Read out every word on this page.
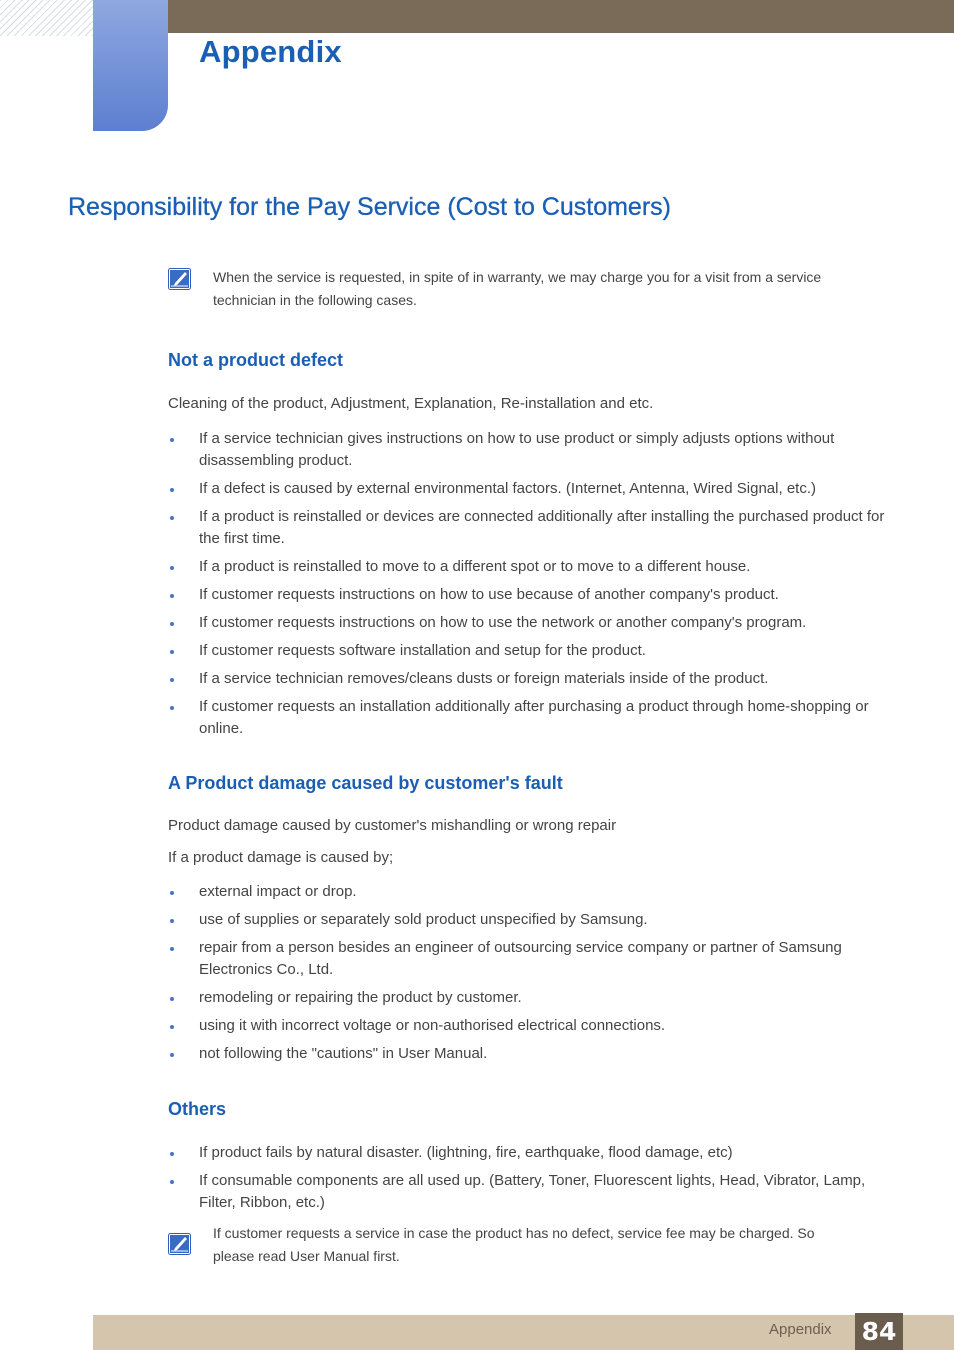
Appendix
Responsibility for the Pay Service (Cost to Customers)
When the service is requested, in spite of in warranty, we may charge you for a visit from a service
technician in the following cases.
Not a product defect
Cleaning of the product, Adjustment, Explanation, Re-installation and etc.
If a service technician gives instructions on how to use product or simply adjusts options without disassembling product.
If a defect is caused by external environmental factors. (Internet, Antenna, Wired Signal, etc.)
If a product is reinstalled or devices are connected additionally after installing the purchased product for the first time.
If a product is reinstalled to move to a different spot or to move to a different house.
If customer requests instructions on how to use because of another company's product.
If customer requests instructions on how to use the network or another company's program.
If customer requests software installation and setup for the product.
If a service technician removes/cleans dusts or foreign materials inside of the product.
If customer requests an installation additionally after purchasing a product through home-shopping or online.
A Product damage caused by customer's fault
Product damage caused by customer's mishandling or wrong repair
If a product damage is caused by;
external impact or drop.
use of supplies or separately sold product unspecified by Samsung.
repair from a person besides an engineer of outsourcing service company or partner of Samsung Electronics Co., Ltd.
remodeling or repairing the product by customer.
using it with incorrect voltage or non-authorised electrical connections.
not following the "cautions" in User Manual.
Others
If product fails by natural disaster. (lightning, fire, earthquake, flood damage, etc)
If consumable components are all used up. (Battery, Toner, Fluorescent lights, Head, Vibrator, Lamp, Filter, Ribbon, etc.)
If customer requests a service in case the product has no defect, service fee may be charged. So
please read User Manual first.
Appendix 84
